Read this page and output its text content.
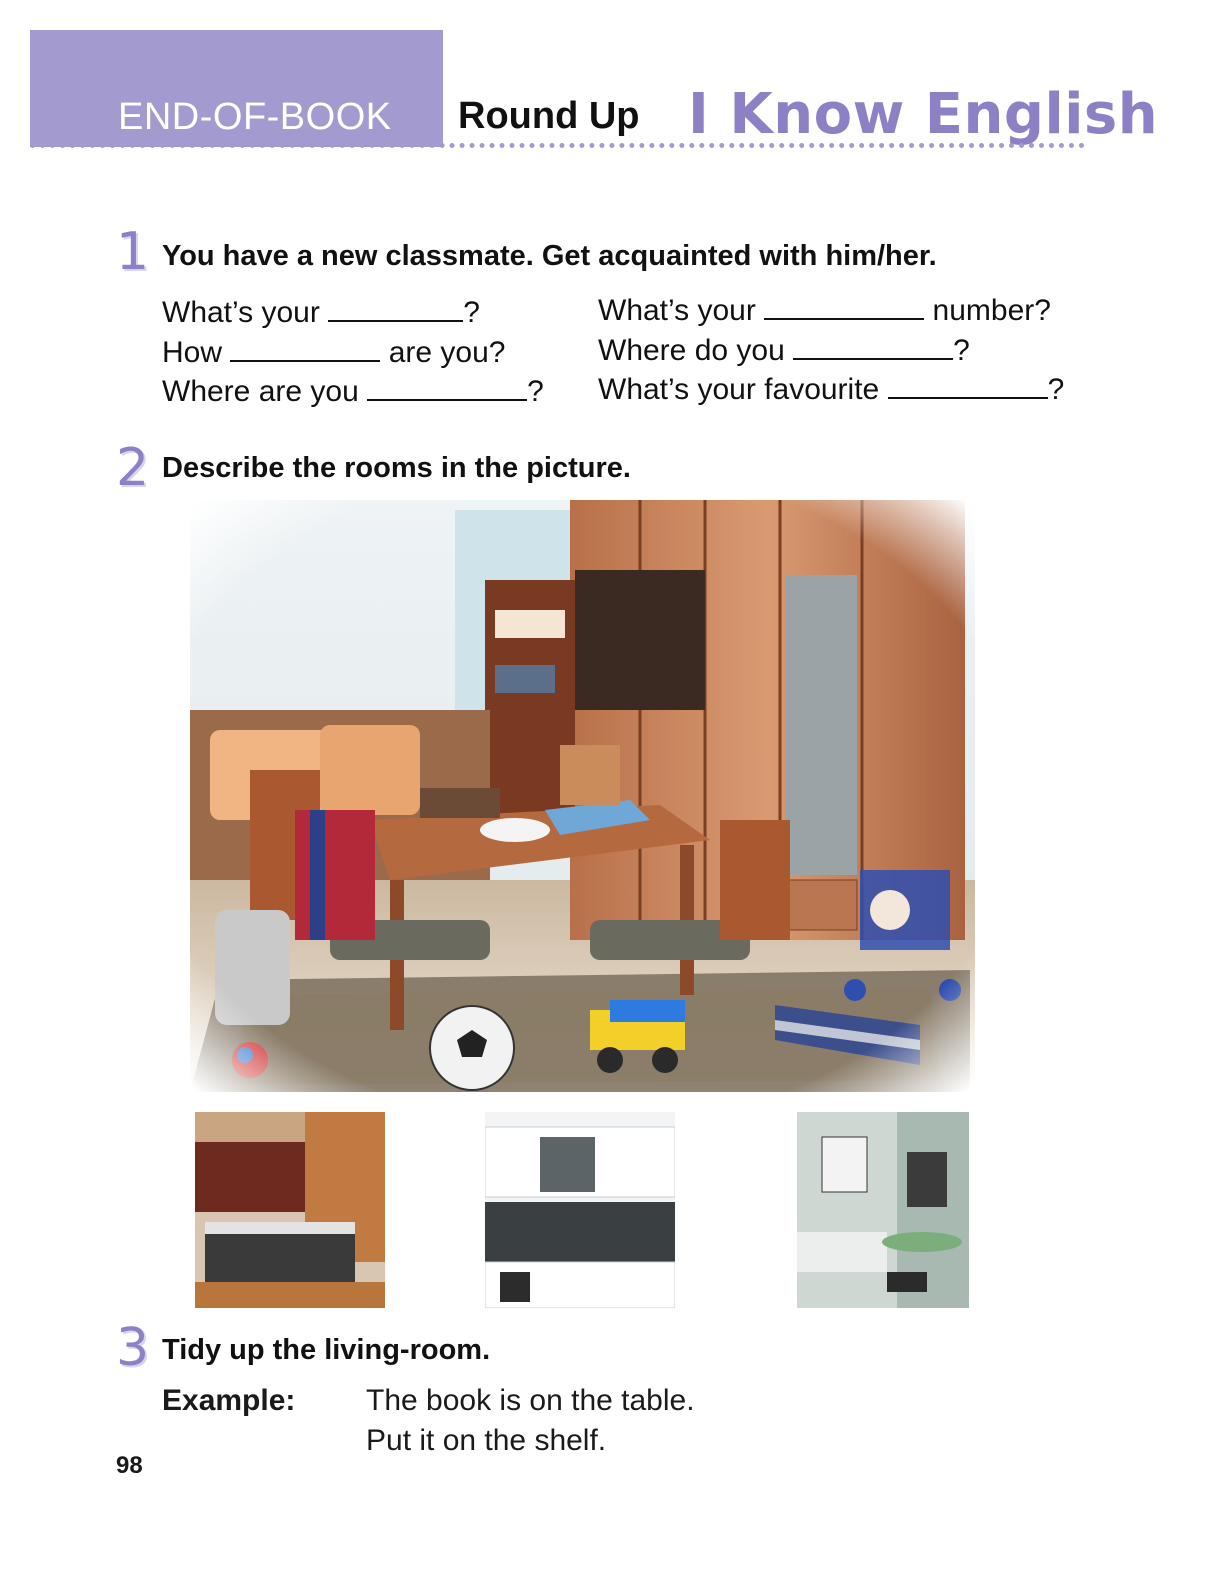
END-OF-BOOK Round Up I Know English
1 You have a new classmate. Get acquainted with him/her.
What’s your	?
How	are you?
Where are you	?
What’s your	number?
Where do you	?
What’s your favourite	?
2 Describe the rooms in the picture.
3 Tidy up the living-room.
Example: The book is on the table.
Put it on the shelf.
98
